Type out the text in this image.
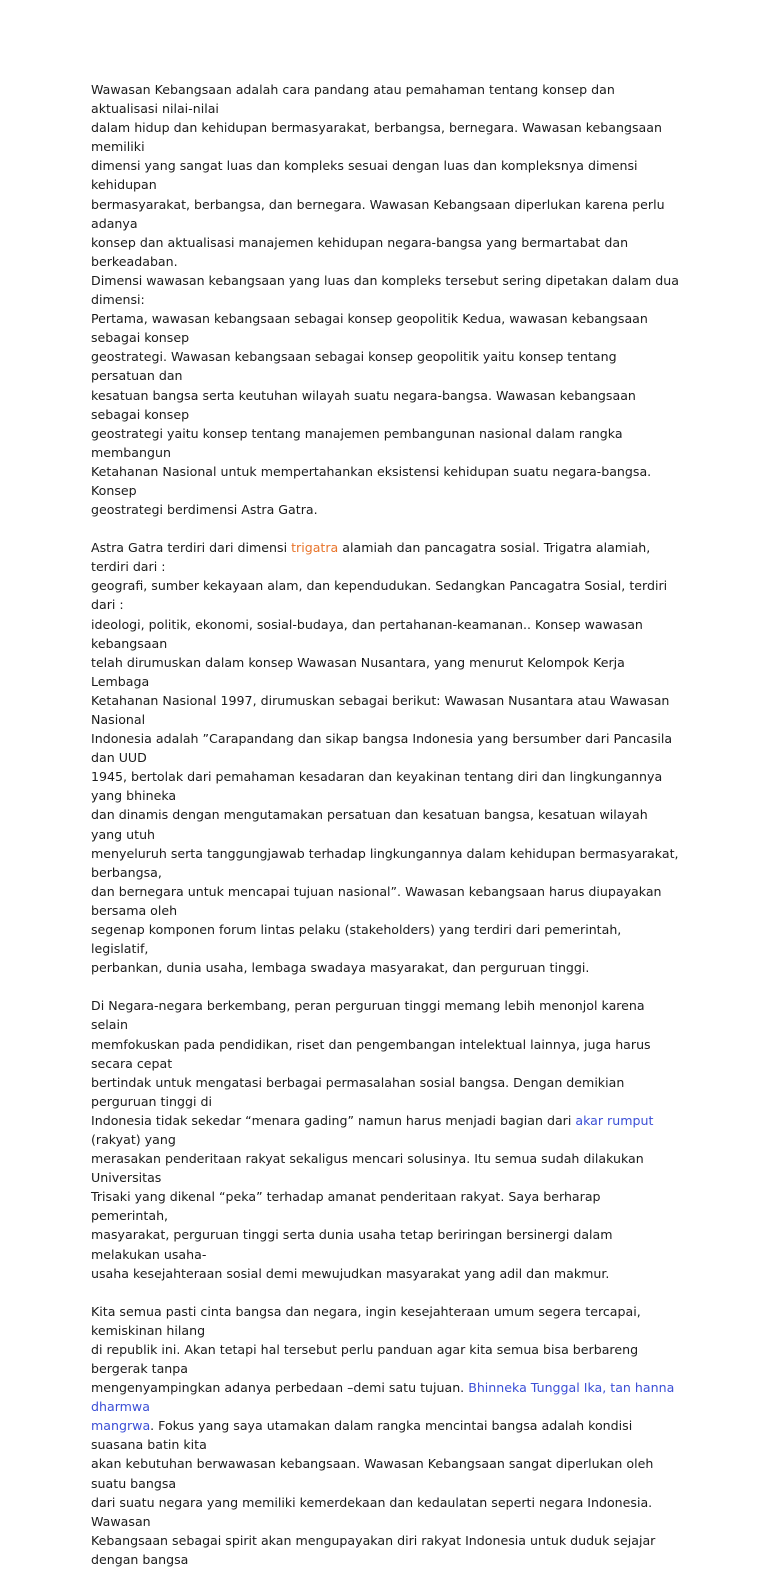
Wawasan Kebangsaan adalah cara pandang atau pemahaman tentang konsep dan aktualisasi nilai-nilai
dalam hidup dan kehidupan bermasyarakat, berbangsa, bernegara. Wawasan kebangsaan memiliki
dimensi yang sangat luas dan kompleks sesuai dengan luas dan kompleksnya dimensi kehidupan
bermasyarakat, berbangsa, dan bernegara. Wawasan Kebangsaan diperlukan karena perlu adanya
konsep dan aktualisasi manajemen kehidupan negara-bangsa yang bermartabat dan berkeadaban.
Dimensi wawasan kebangsaan yang luas dan kompleks tersebut sering dipetakan dalam dua dimensi:
Pertama, wawasan kebangsaan sebagai konsep geopolitik Kedua, wawasan kebangsaan sebagai konsep
geostrategi. Wawasan kebangsaan sebagai konsep geopolitik yaitu konsep tentang persatuan dan
kesatuan bangsa serta keutuhan wilayah suatu negara-bangsa. Wawasan kebangsaan sebagai konsep
geostrategi yaitu konsep tentang manajemen pembangunan nasional dalam rangka membangun
Ketahanan Nasional untuk mempertahankan eksistensi kehidupan suatu negara-bangsa. Konsep
geostrategi berdimensi Astra Gatra.

Astra Gatra terdiri dari dimensi trigatra alamiah dan pancagatra sosial. Trigatra alamiah, terdiri dari :
geografi, sumber kekayaan alam, dan kependudukan. Sedangkan Pancagatra Sosial, terdiri dari :
ideologi, politik, ekonomi, sosial-budaya, dan pertahanan-keamanan.. Konsep wawasan kebangsaan
telah dirumuskan dalam konsep Wawasan Nusantara, yang menurut Kelompok Kerja Lembaga
Ketahanan Nasional 1997, dirumuskan sebagai berikut: Wawasan Nusantara atau Wawasan Nasional
Indonesia adalah ”Carapandang dan sikap bangsa Indonesia yang bersumber dari Pancasila dan UUD
1945, bertolak dari pemahaman kesadaran dan keyakinan tentang diri dan lingkungannya yang bhineka
dan dinamis dengan mengutamakan persatuan dan kesatuan bangsa, kesatuan wilayah yang utuh
menyeluruh serta tanggungjawab terhadap lingkungannya dalam kehidupan bermasyarakat, berbangsa,
dan bernegara untuk mencapai tujuan nasional”. Wawasan kebangsaan harus diupayakan bersama oleh
segenap komponen forum lintas pelaku (stakeholders) yang terdiri dari pemerintah, legislatif,
perbankan, dunia usaha, lembaga swadaya masyarakat, dan perguruan tinggi.

Di Negara-negara berkembang, peran perguruan tinggi memang lebih menonjol karena selain
memfokuskan pada pendidikan, riset dan pengembangan intelektual lainnya, juga harus secara cepat
bertindak untuk mengatasi berbagai permasalahan sosial bangsa. Dengan demikian perguruan tinggi di
Indonesia tidak sekedar “menara gading” namun harus menjadi bagian dari akar rumput (rakyat) yang
merasakan penderitaan rakyat sekaligus mencari solusinya. Itu semua sudah dilakukan Universitas
Trisaki yang dikenal “peka” terhadap amanat penderitaan rakyat. Saya berharap pemerintah,
masyarakat, perguruan tinggi serta dunia usaha tetap beriringan bersinergi dalam melakukan usaha-
usaha kesejahteraan sosial demi mewujudkan masyarakat yang adil dan makmur.

Kita semua pasti cinta bangsa dan negara, ingin kesejahteraan umum segera tercapai, kemiskinan hilang
di republik ini. Akan tetapi hal tersebut perlu panduan agar kita semua bisa berbareng bergerak tanpa
mengenyampingkan adanya perbedaan –demi satu tujuan. Bhinneka Tunggal Ika, tan hanna dharmwa
mangrwa. Fokus yang saya utamakan dalam rangka mencintai bangsa adalah kondisi suasana batin kita
akan kebutuhan berwawasan kebangsaan. Wawasan Kebangsaan sangat diperlukan oleh suatu bangsa
dari suatu negara yang memiliki kemerdekaan dan kedaulatan seperti negara Indonesia. Wawasan
Kebangsaan sebagai spirit akan mengupayakan diri rakyat Indonesia untuk duduk sejajar dengan bangsa
